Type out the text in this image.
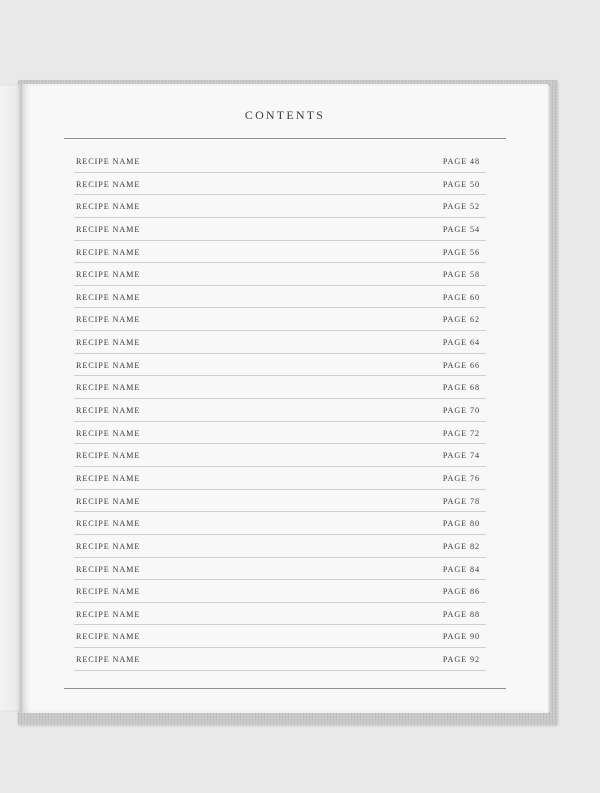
CONTENTS
RECIPE NAME	PAGE 48
RECIPE NAME	PAGE 50
RECIPE NAME	PAGE 52
RECIPE NAME	PAGE 54
RECIPE NAME	PAGE 56
RECIPE NAME	PAGE 58
RECIPE NAME	PAGE 60
RECIPE NAME	PAGE 62
RECIPE NAME	PAGE 64
RECIPE NAME	PAGE 66
RECIPE NAME	PAGE 68
RECIPE NAME	PAGE 70
RECIPE NAME	PAGE 72
RECIPE NAME	PAGE 74
RECIPE NAME	PAGE 76
RECIPE NAME	PAGE 78
RECIPE NAME	PAGE 80
RECIPE NAME	PAGE 82
RECIPE NAME	PAGE 84
RECIPE NAME	PAGE 86
RECIPE NAME	PAGE 88
RECIPE NAME	PAGE 90
RECIPE NAME	PAGE 92
